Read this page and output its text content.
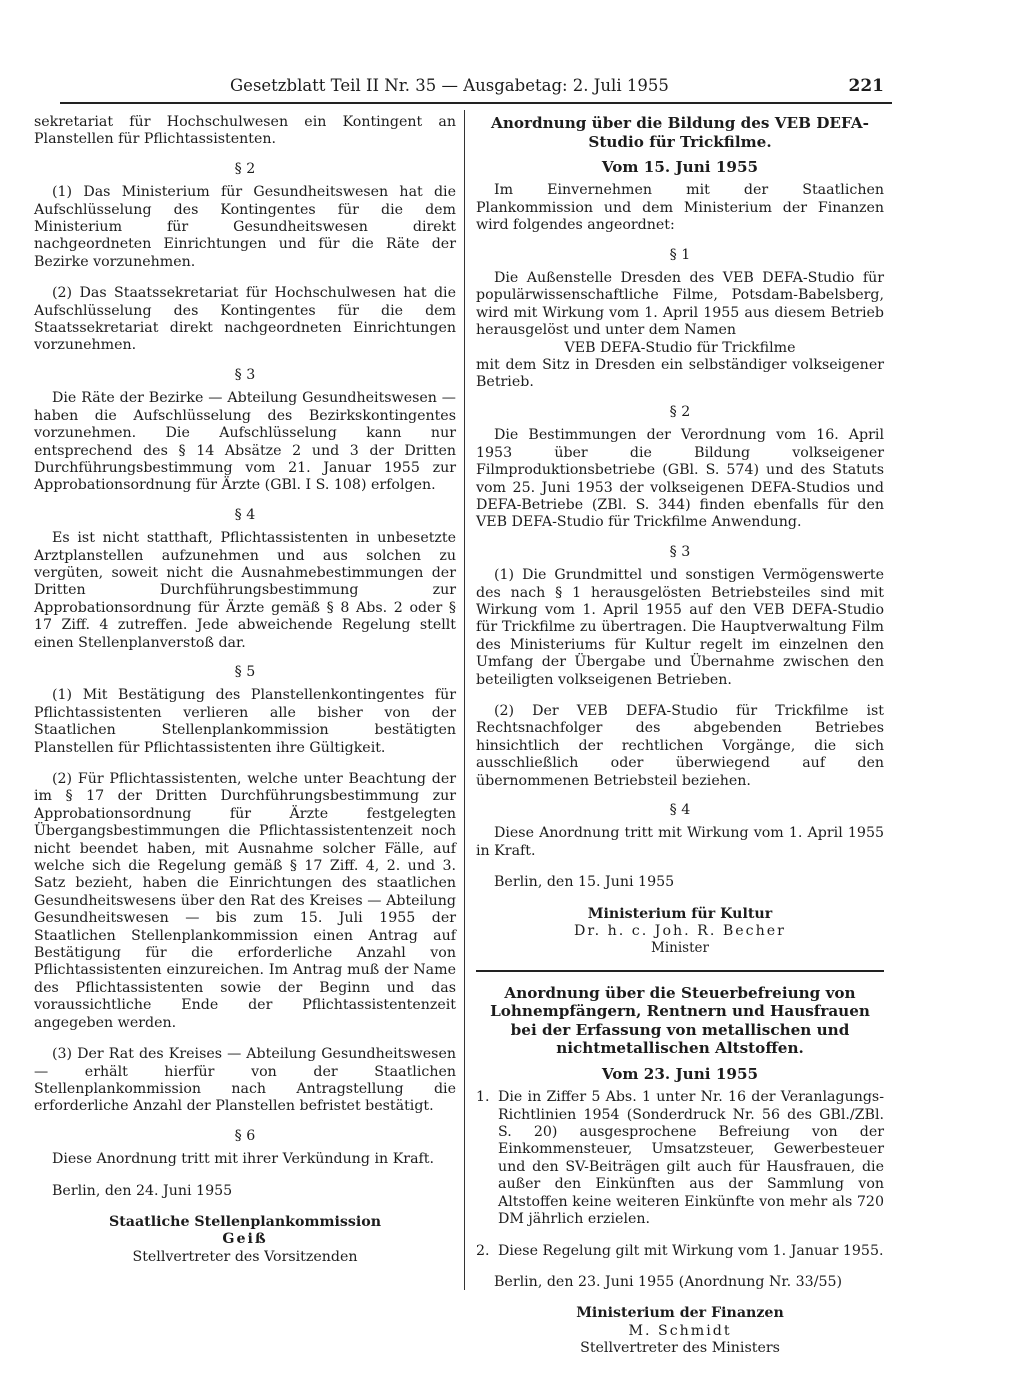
Gesetzblatt Teil II Nr. 35 — Ausgabetag: 2. Juli 1955	221

sekretariat für Hochschulwesen ein Kontingent an Planstellen für Pflichtassistenten.

§ 2

(1) Das Ministerium für Gesundheitswesen hat die Aufschlüsselung des Kontingentes für die dem Ministerium für Gesundheitswesen direkt nachgeordneten Einrichtungen und für die Räte der Bezirke vorzunehmen.

(2) Das Staatssekretariat für Hochschulwesen hat die Aufschlüsselung des Kontingentes für die dem Staatssekretariat direkt nachgeordneten Einrichtungen vorzunehmen.

§ 3

Die Räte der Bezirke — Abteilung Gesundheitswesen — haben die Aufschlüsselung des Bezirkskontingentes vorzunehmen. Die Aufschlüsselung kann nur entsprechend des § 14 Absätze 2 und 3 der Dritten Durchführungsbestimmung vom 21. Januar 1955 zur Approbationsordnung für Ärzte (GBl. I S. 108) erfolgen.

§ 4

Es ist nicht statthaft, Pflichtassistenten in unbesetzte Arztplanstellen aufzunehmen und aus solchen zu vergüten, soweit nicht die Ausnahmebestimmungen der Dritten Durchführungsbestimmung zur Approbationsordnung für Ärzte gemäß § 8 Abs. 2 oder § 17 Ziff. 4 zutreffen. Jede abweichende Regelung stellt einen Stellenplanverstoß dar.

§ 5

(1) Mit Bestätigung des Planstellenkontingentes für Pflichtassistenten verlieren alle bisher von der Staatlichen Stellenplankommission bestätigten Planstellen für Pflichtassistenten ihre Gültigkeit.

(2) Für Pflichtassistenten, welche unter Beachtung der im § 17 der Dritten Durchführungsbestimmung zur Approbationsordnung für Ärzte festgelegten Übergangsbestimmungen die Pflichtassistentenzeit noch nicht beendet haben, mit Ausnahme solcher Fälle, auf welche sich die Regelung gemäß § 17 Ziff. 4, 2. und 3. Satz bezieht, haben die Einrichtungen des staatlichen Gesundheitswesens über den Rat des Kreises — Abteilung Gesundheitswesen — bis zum 15. Juli 1955 der Staatlichen Stellenplankommission einen Antrag auf Bestätigung für die erforderliche Anzahl von Pflichtassistenten einzureichen. Im Antrag muß der Name des Pflichtassistenten sowie der Beginn und das voraussichtliche Ende der Pflichtassistentenzeit angegeben werden.

(3) Der Rat des Kreises — Abteilung Gesundheitswesen — erhält hierfür von der Staatlichen Stellenplankommission nach Antragstellung die erforderliche Anzahl der Planstellen befristet bestätigt.

§ 6

Diese Anordnung tritt mit ihrer Verkündung in Kraft.

Berlin, den 24. Juni 1955

Staatliche Stellenplankommission
Geiß
Stellvertreter des Vorsitzenden
Anordnung über die Bildung des VEB DEFA-Studio für Trickfilme.
Vom 15. Juni 1955

Im Einvernehmen mit der Staatlichen Plankommission und dem Ministerium der Finanzen wird folgendes angeordnet:

§ 1

Die Außenstelle Dresden des VEB DEFA-Studio für populärwissenschaftliche Filme, Potsdam-Babelsberg, wird mit Wirkung vom 1. April 1955 aus diesem Betrieb herausgelöst und unter dem Namen

VEB DEFA-Studio für Trickfilme

mit dem Sitz in Dresden ein selbständiger volkseigener Betrieb.

§ 2

Die Bestimmungen der Verordnung vom 16. April 1953 über die Bildung volkseigener Filmproduktionsbetriebe (GBl. S. 574) und des Statuts vom 25. Juni 1953 der volkseigenen DEFA-Studios und DEFA-Betriebe (ZBl. S. 344) finden ebenfalls für den VEB DEFA-Studio für Trickfilme Anwendung.

§ 3

(1) Die Grundmittel und sonstigen Vermögenswerte des nach § 1 herausgelösten Betriebsteiles sind mit Wirkung vom 1. April 1955 auf den VEB DEFA-Studio für Trickfilme zu übertragen. Die Hauptverwaltung Film des Ministeriums für Kultur regelt im einzelnen den Umfang der Übergabe und Übernahme zwischen den beteiligten volkseigenen Betrieben.

(2) Der VEB DEFA-Studio für Trickfilme ist Rechtsnachfolger des abgebenden Betriebes hinsichtlich der rechtlichen Vorgänge, die sich ausschließlich oder überwiegend auf den übernommenen Betriebsteil beziehen.

§ 4

Diese Anordnung tritt mit Wirkung vom 1. April 1955 in Kraft.

Berlin, den 15. Juni 1955

Ministerium für Kultur
Dr. h. c. Joh. R. Becher
Minister
Anordnung über die Steuerbefreiung von Lohnempfängern, Rentnern und Hausfrauen bei der Erfassung von metallischen und nichtmetallischen Altstoffen.
Vom 23. Juni 1955
1. Die in Ziffer 5 Abs. 1 unter Nr. 16 der Veranlagungs-Richtlinien 1954 (Sonderdruck Nr. 56 des GBl./ZBl. S. 20) ausgesprochene Befreiung von der Einkommensteuer, Umsatzsteuer, Gewerbesteuer und den SV-Beiträgen gilt auch für Hausfrauen, die außer den Einkünften aus der Sammlung von Altstoffen keine weiteren Einkünfte von mehr als 720 DM jährlich erzielen.
2. Diese Regelung gilt mit Wirkung vom 1. Januar 1955.

Berlin, den 23. Juni 1955 (Anordnung Nr. 33/55)

Ministerium der Finanzen
M. Schmidt
Stellvertreter des Ministers
